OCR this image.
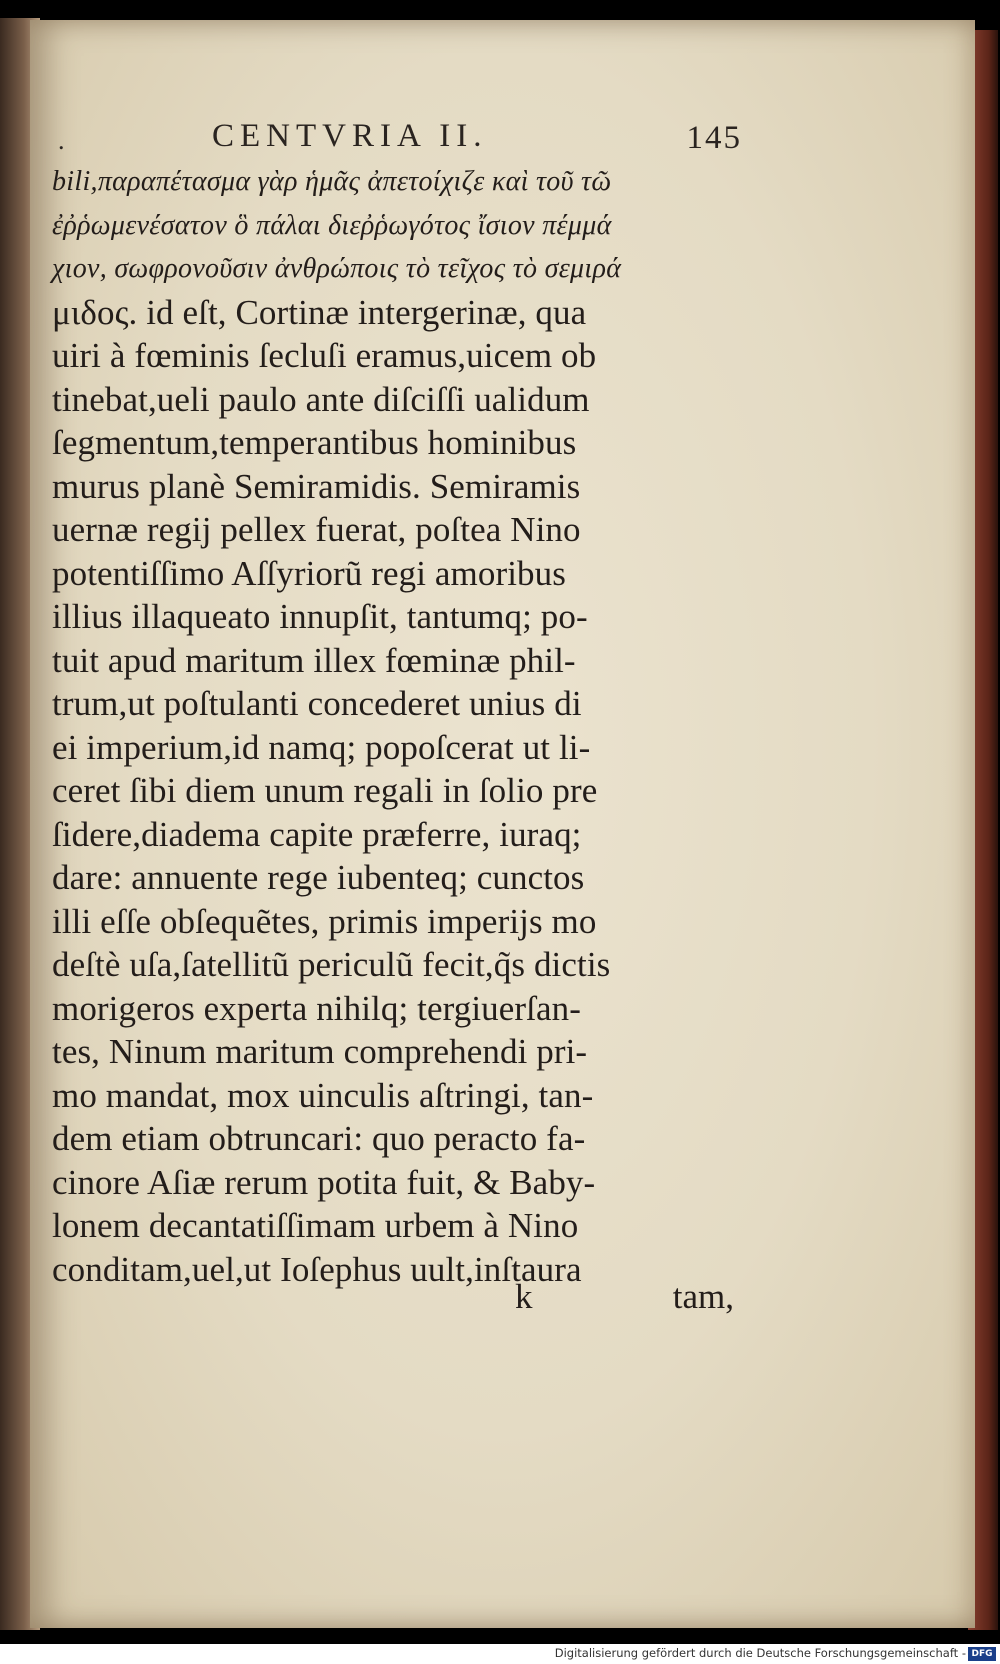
.	CENTVRIA II.	145
bili,παραπέτασμα γὰρ ἡμᾶς ἀπετοίχιζε καὶ τοῦ τῶ
ἐῤῥωμενέσατον ὃ πάλαι διεῤῥωγότος ἴσιον πέμμά
χιον, σωφρονοῦσιν ἀνθρώποις τὸ τεῖχος τὸ σεμιρά
μιδος. id eſt, Cortinæ intergerinæ, qua
uiri à fœminis ſecluſi eramus,uicem ob
tinebat,ueli paulo ante diſciſſi ualidum
ſegmentum,temperantibus hominibus
murus planè Semiramidis. Semiramis
uernæ regij pellex fuerat, poſtea Nino
potentiſſimo Aſſyriorũ regi amoribus
illius illaqueato innupſit, tantumq; po-
tuit apud maritum illex fœminæ phil-
trum,ut poſtulanti concederet unius di
ei imperium,id namq; popoſcerat ut li-
ceret ſibi diem unum regali in ſolio pre
ſidere,diadema capite præferre, iuraq;
dare: annuente rege iubenteq; cunctos
illi eſſe obſequẽtes, primis imperijs mo
deſtè uſa,ſatellitũ periculũ fecit,q̃s dictis
morigeros experta nihilq; tergiuerſan-
tes, Ninum maritum comprehendi pri-
mo mandat, mox uinculis aſtringi, tan-
dem etiam obtruncari: quo peracto fa-
cinore Aſiæ rerum potita fuit, & Baby-
lonem decantatiſſimam urbem à Nino
conditam,uel,ut Ioſephus uult,inſtaura
k	tam,
Digitalisierung gefördert durch die Deutsche Forschungsgemeinschaft - DFG
